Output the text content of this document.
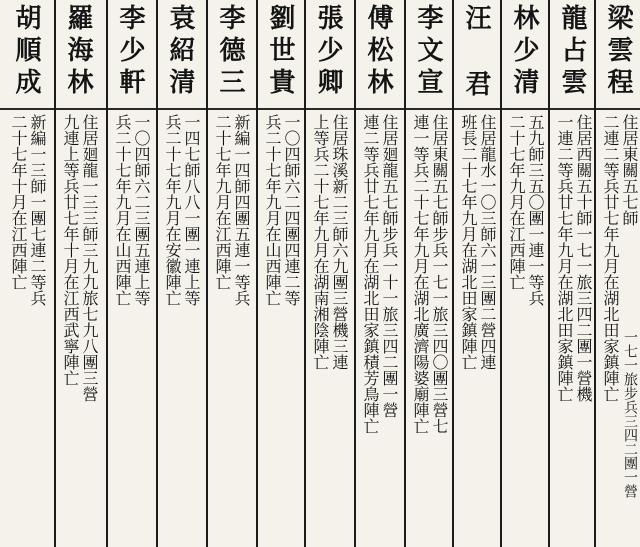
梁雲程
住居東關五七師
二連二等兵廿七年九月在湖北田家鎮陣亡
龍占雲
住居西關五十師一七一旅三四二團一營機
一連二等兵廿七年九月在湖北田家鎮陣亡
林少清
五九師三五〇團一連一等兵
二十七年九月在江西陣亡
汪君
住居龍水一〇三師六一三團二營四連
班長二十七年九月在湖北田家鎮陣亡
李文宣
住居東關五七師步兵一七一旅三四〇團三營七
連一等兵二十七年九月在湖北廣濟陽婆廟陣亡
傅松林
住居廻龍五七師步兵一十一旅三四二團一營
連二等兵廿七年九月在湖北田家鎮積芳鳥陣亡
張少卿
住居珠溪新二三師六九團三營機三連
上等兵二十七年九月在湖南湘陰陣亡
劉世貴
一〇四師六二四團四連二等
兵二十七年九月在山西陣亡
李德三
新編一四師四團五連一等兵
二十七年九月在江西陣亡
袁紹清
一四七師八八一團一連上等
兵二十七年九月在安徽陣亡
李少軒
一〇四師六二三團五連上等
兵二十七年九月在山西陣亡
羅海林
住居廻龍一三三師三九九旅七九八團三營
九連上等兵廿七年十月在江西武寧陣亡
胡順成
新編一三師一團七連二等兵
二十七年十月在江西陣亡
一七一旅步兵三四二團一營
